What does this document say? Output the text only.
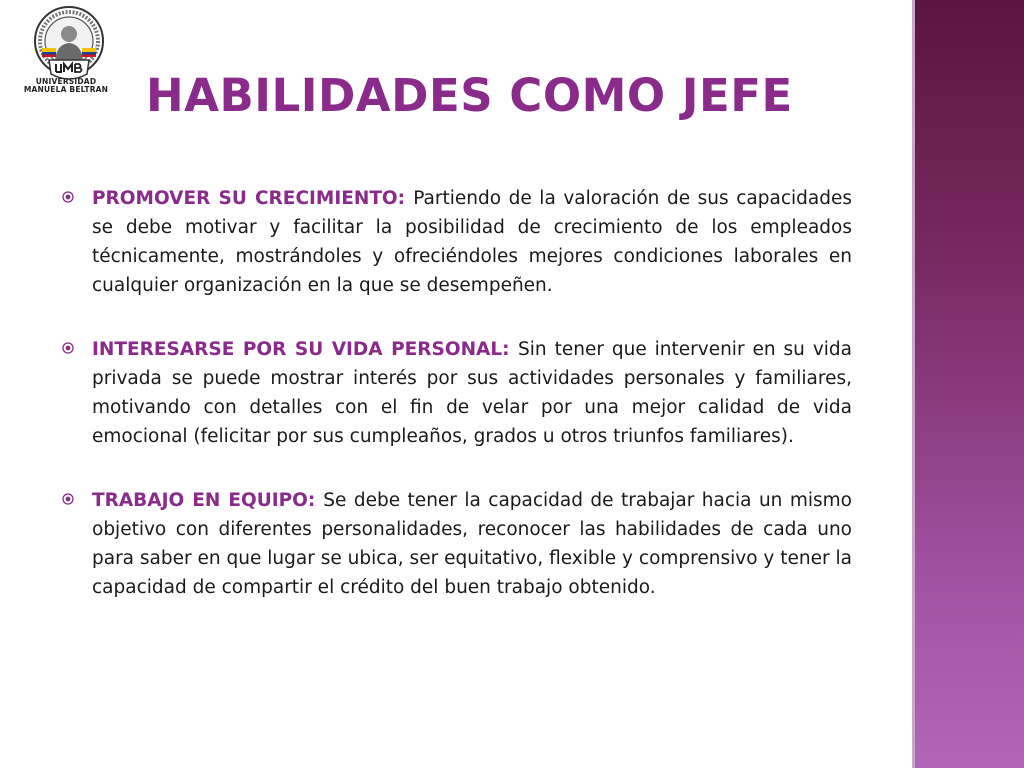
UNIVERSIDAD
MANUELA BELTRAN HABILIDADES COMO JEFE

PROMOVER SU CRECIMIENTO: Partiendo de la valoración de sus capacidades se debe motivar y facilitar la posibilidad de crecimiento de los empleados técnicamente, mostrándoles y ofreciéndoles mejores condiciones laborales en cualquier organización en la que se desempeñen.

INTERESARSE POR SU VIDA PERSONAL: Sin tener que intervenir en su vida privada se puede mostrar interés por sus actividades personales y familiares, motivando con detalles con el fin de velar por una mejor calidad de vida emocional (felicitar por sus cumpleaños, grados u otros triunfos familiares).

TRABAJO EN EQUIPO: Se debe tener la capacidad de trabajar hacia un mismo objetivo con diferentes personalidades, reconocer las habilidades de cada uno para saber en que lugar se ubica, ser equitativo, flexible y comprensivo y tener la capacidad de compartir el crédito del buen trabajo obtenido.
